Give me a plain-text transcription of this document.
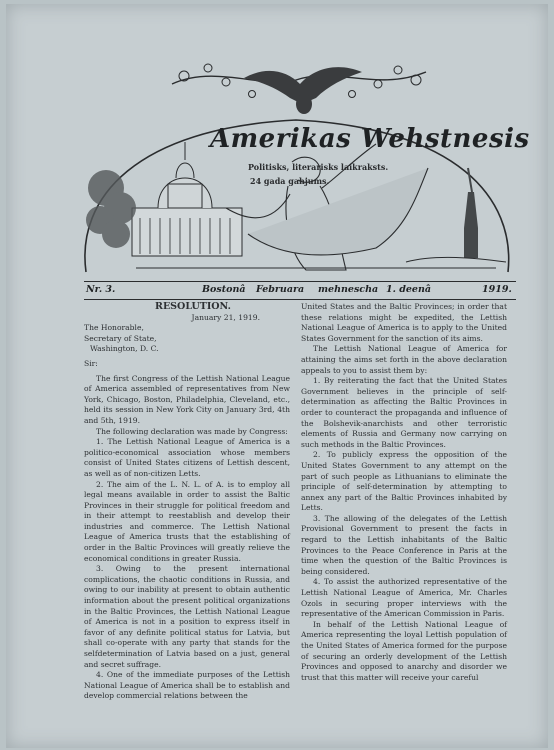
Amerikas Wehstnesis
Politisks, literarisks laikraksts.
24 gada gahjums.
Nr. 3.	Bostonâ Februara mehnescha 1. deenâ	1919.

RESOLUTION.

January 21, 1919.

The Honorable,

Secretary of State,

Washington, D. C.

Sir:

The first Congress of the Lettish National League of America assembled of representatives from New York, Chicago, Boston, Philadelphia, Cleveland, etc., held its session in New York City on January 3rd, 4th and 5th, 1919.

The following declaration was made by Congress:

1. The Lettish National League of America is a politico-economical association whose members consist of United States citizens of Lettish descent, as well as of non-citizen Letts.

2. The aim of the L. N. L. of A. is to employ all legal means available in order to assist the Baltic Provinces in their struggle for political freedom and in their attempt to reestablish and develop their industries and commerce. The Lettish National League of America trusts that the establishing of order in the Baltic Provinces will greatly relieve the economical conditions in greater Russia.

3. Owing to the present international complications, the chaotic conditions in Russia, and owing to our inability at present to obtain authentic information about the present political organizations in the Baltic Provinces, the Lettish National League of America is not in a position to express itself in favor of any definite political status for Latvia, but shall co-operate with any party that stands for the selfdetermination of Latvia based on a just, general and secret suffrage.

4. One of the immediate purposes of the Lettish National League of America shall be to establish and develop commercial relations between the

United States and the Baltic Provinces; in order that these relations might be expedited, the Lettish National League of America is to apply to the United States Government for the sanction of its aims.

The Lettish National League of America for attaining the aims set forth in the above declaration appeals to you to assist them by:

1. By reiterating the fact that the United States Government believes in the principle of self-determination as affecting the Baltic Provinces in order to counteract the propaganda and influence of the Bolshevik-anarchists and other terroristic elements of Russia and Germany now carrying on such methods in the Baltic Provinces.

2. To publicly express the opposition of the United States Government to any attempt on the part of such people as Lithuanians to eliminate the principle of self-determination by attempting to annex any part of the Baltic Provinces inhabited by Letts.

3. The allowing of the delegates of the Lettish Provisional Government to present the facts in regard to the Lettish inhabitants of the Baltic Provinces to the Peace Conference in Paris at the time when the question of the Baltic Provinces is being considered.

4. To assist the authorized representative of the Lettish National League of America, Mr. Charles Ozols in securing proper interviews with the representative of the American Commission in Paris.

In behalf of the Lettish National League of America representing the loyal Lettish population of the United States of America formed for the purpose of securing an orderly development of the Lettish Provinces and opposed to anarchy and disorder we trust that this matter will receive your careful
